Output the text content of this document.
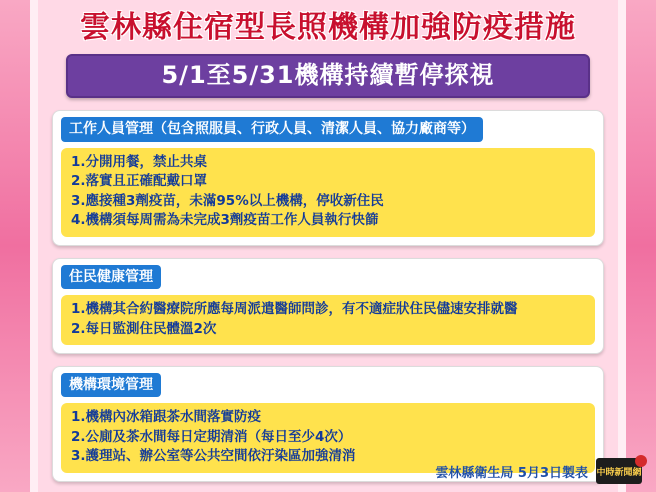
雲林縣住宿型長照機構加強防疫措施
5/1至5/31機構持續暫停探視
工作人員管理（包含照服員、行政人員、清潔人員、協力廠商等）
1.分開用餐，禁止共桌
2.落實且正確配戴口罩
3.應接種3劑疫苗，未滿95%以上機構，停收新住民
4.機構須每周需為未完成3劑疫苗工作人員執行快篩
住民健康管理
1.機構其合約醫療院所應每周派遣醫師問診，有不適症狀住民儘速安排就醫
2.每日監測住民體溫2次
機構環境管理
1.機構內冰箱跟茶水間落實防疫
2.公廁及茶水間每日定期清消（每日至少4次）
3.護理站、辦公室等公共空間依汙染區加強清消
雲林縣衛生局 5月3日製表 中時新聞網
